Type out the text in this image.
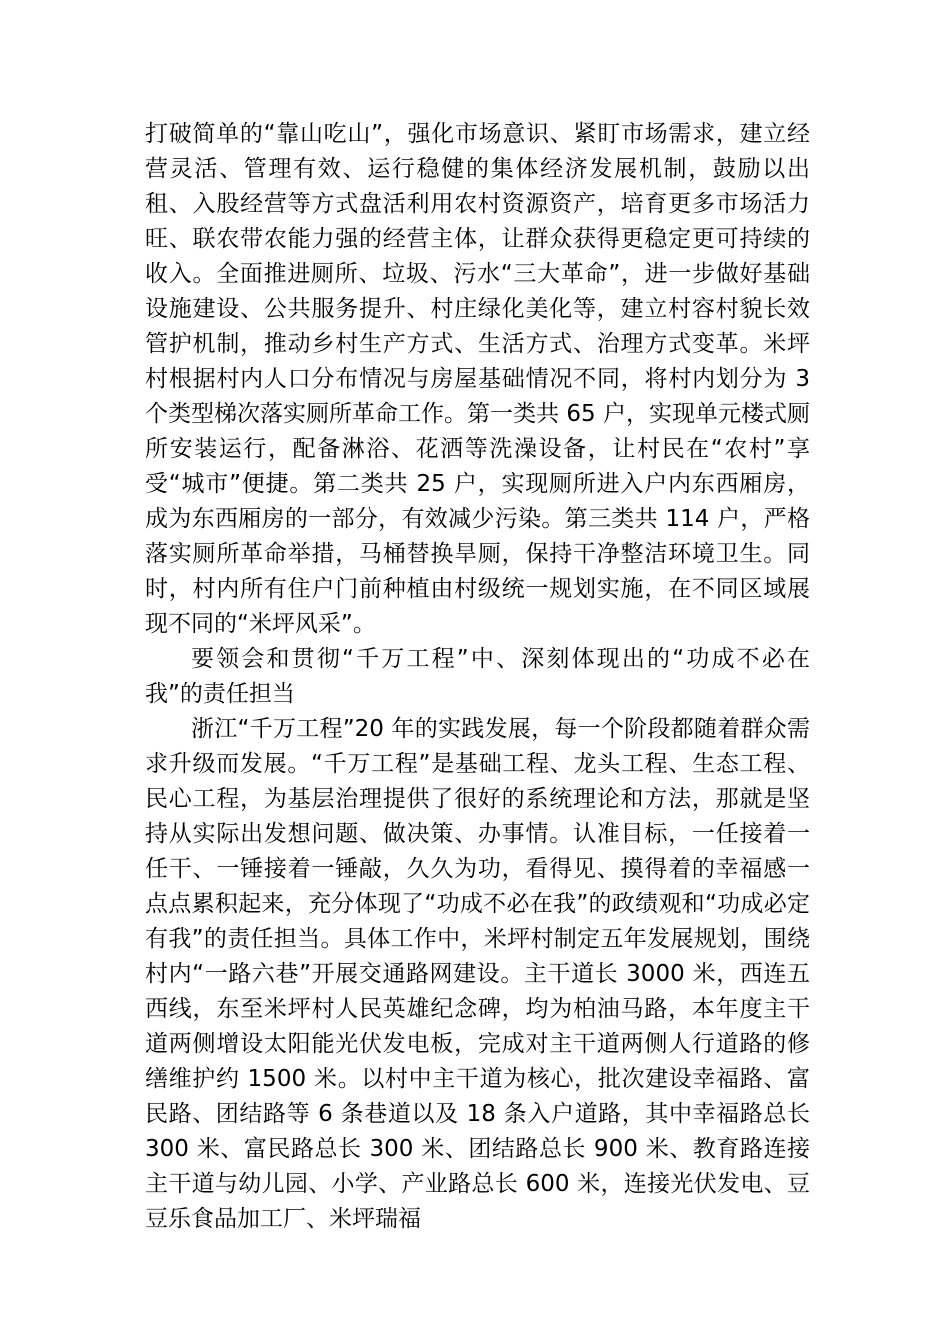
打破简单的“靠山吃山”，强化市场意识、紧盯市场需求，建立经营灵活、管理有效、运行稳健的集体经济发展机制，鼓励以出租、入股经营等方式盘活利用农村资源资产，培育更多市场活力旺、联农带农能力强的经营主体，让群众获得更稳定更可持续的收入。全面推进厕所、垃圾、污水“三大革命”，进一步做好基础设施建设、公共服务提升、村庄绿化美化等，建立村容村貌长效管护机制，推动乡村生产方式、生活方式、治理方式变革。米坪村根据村内人口分布情况与房屋基础情况不同，将村内划分为 3 个类型梯次落实厕所革命工作。第一类共 65 户，实现单元楼式厕所安装运行，配备淋浴、花洒等洗澡设备，让村民在“农村”享受“城市”便捷。第二类共 25 户，实现厕所进入户内东西厢房，成为东西厢房的一部分，有效减少污染。第三类共 114 户，严格落实厕所革命举措，马桶替换旱厕，保持干净整洁环境卫生。同时，村内所有住户门前种植由村级统一规划实施，在不同区域展现不同的“米坪风采”。

要领会和贯彻“千万工程”中、深刻体现出的“功成不必在我”的责任担当

浙江“千万工程”20 年的实践发展，每一个阶段都随着群众需求升级而发展。“千万工程”是基础工程、龙头工程、生态工程、民心工程，为基层治理提供了很好的系统理论和方法，那就是坚持从实际出发想问题、做决策、办事情。认准目标，一任接着一任干、一锤接着一锤敲，久久为功，看得见、摸得着的幸福感一点点累积起来，充分体现了“功成不必在我”的政绩观和“功成必定有我”的责任担当。具体工作中，米坪村制定五年发展规划，围绕村内“一路六巷”开展交通路网建设。主干道长 3000 米，西连五西线，东至米坪村人民英雄纪念碑，均为柏油马路，本年度主干道两侧增设太阳能光伏发电板，完成对主干道两侧人行道路的修缮维护约 1500 米。以村中主干道为核心，批次建设幸福路、富民路、团结路等 6 条巷道以及 18 条入户道路，其中幸福路总长 300 米、富民路总长 300 米、团结路总长 900 米、教育路连接主干道与幼儿园、小学、产业路总长 600 米，连接光伏发电、豆豆乐食品加工厂、米坪瑞福
